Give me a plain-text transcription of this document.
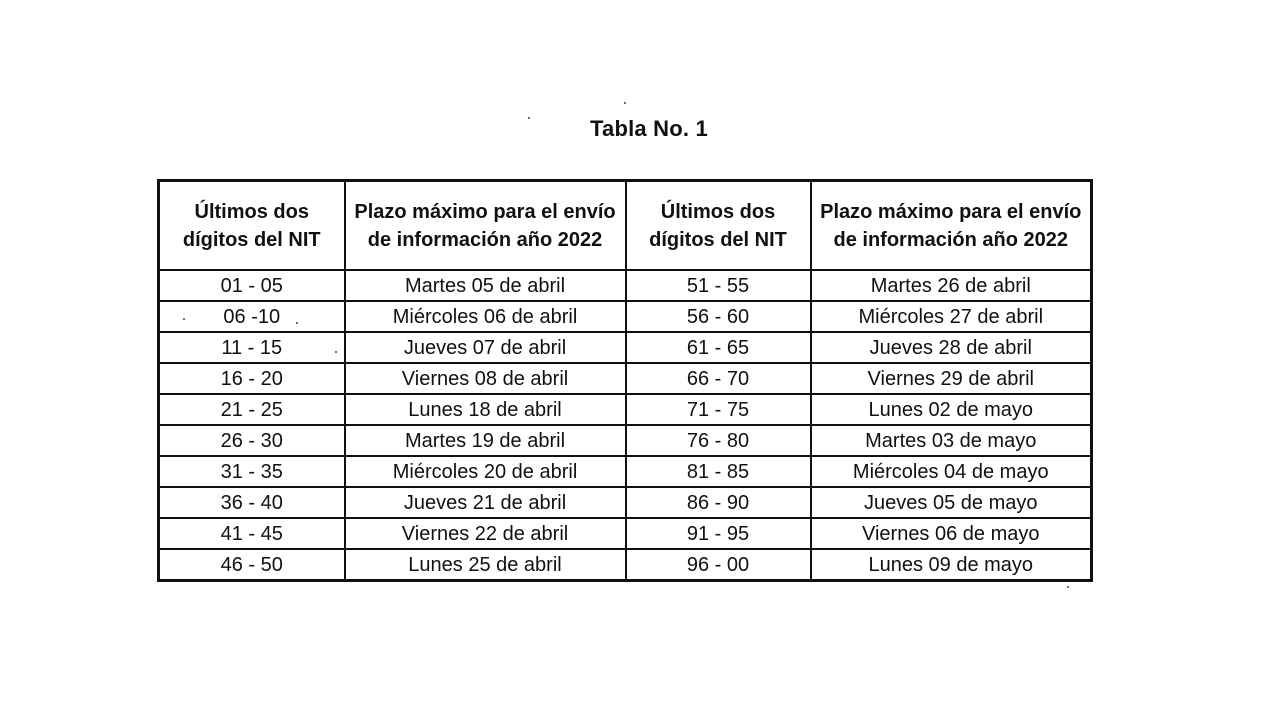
Tabla No. 1
Últimos dos dígitos del NIT	Plazo máximo para el envío de información año 2022	Últimos dos dígitos del NIT	Plazo máximo para el envío de información año 2022
01 - 05	Martes 05 de abril	51 - 55	Martes 26 de abril
06 -10	Miércoles 06 de abril	56 - 60	Miércoles 27 de abril
11 - 15	Jueves 07 de abril	61 - 65	Jueves 28 de abril
16 - 20	Viernes 08 de abril	66 - 70	Viernes 29 de abril
21 - 25	Lunes 18 de abril	71 - 75	Lunes 02 de mayo
26 - 30	Martes 19 de abril	76 - 80	Martes 03 de mayo
31 - 35	Miércoles 20 de abril	81 - 85	Miércoles 04 de mayo
36 - 40	Jueves 21 de abril	86 - 90	Jueves 05 de mayo
41 - 45	Viernes 22 de abril	91 - 95	Viernes 06 de mayo
46 - 50	Lunes 25 de abril	96 - 00	Lunes 09 de mayo
